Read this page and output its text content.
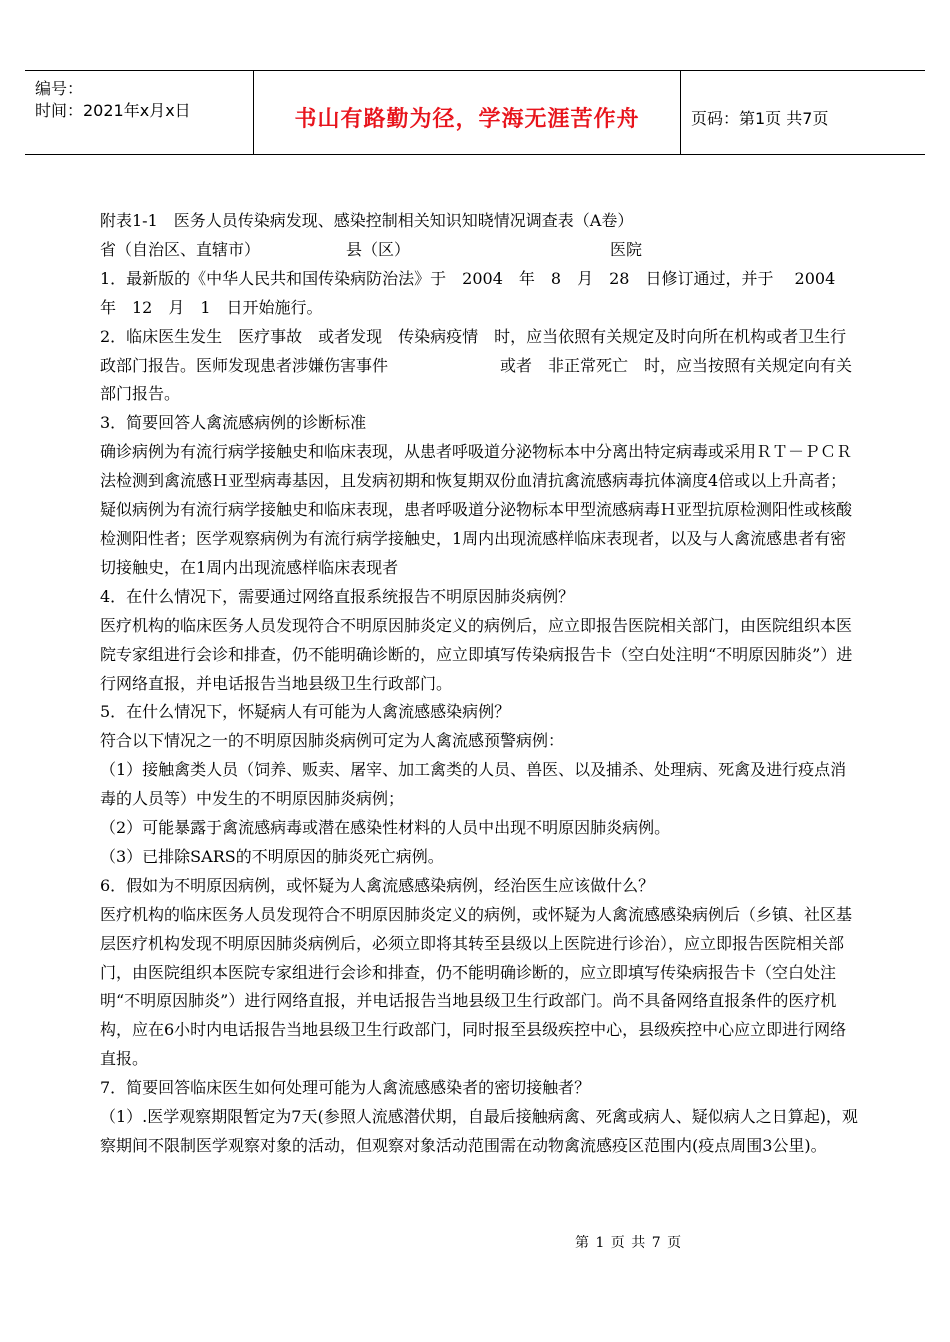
编号：
时间：2021年x月x日	书山有路勤为径，学海无涯苦作舟	页码：第1页 共7页

附表1-1　医务人员传染病发现、感染控制相关知识知晓情况调查表（A卷）

省（自治区、直辖市）	县（区）	医院

1．最新版的《中华人民共和国传染病防治法》于　2004　年　8　月　28　日修订通过，并于　 2004　年　12　月　1　日开始施行。

2．临床医生发生　医疗事故　或者发现　传染病疫情　时，应当依照有关规定及时向所在机构或者卫生行政部门报告。医师发现患者涉嫌伤害事件　　　　　　　或者　非正常死亡　时，应当按照有关规定向有关部门报告。

3．简要回答人禽流感病例的诊断标准

确诊病例为有流行病学接触史和临床表现，从患者呼吸道分泌物标本中分离出特定病毒或采用ＲＴ－ＰＣＲ法检测到禽流感Ｈ亚型病毒基因，且发病初期和恢复期双份血清抗禽流感病毒抗体滴度4倍或以上升高者；疑似病例为有流行病学接触史和临床表现，患者呼吸道分泌物标本甲型流感病毒Ｈ亚型抗原检测阳性或核酸检测阳性者；医学观察病例为有流行病学接触史，1周内出现流感样临床表现者，以及与人禽流感患者有密切接触史，在1周内出现流感样临床表现者

4．在什么情况下，需要通过网络直报系统报告不明原因肺炎病例？

医疗机构的临床医务人员发现符合不明原因肺炎定义的病例后，应立即报告医院相关部门，由医院组织本医院专家组进行会诊和排查，仍不能明确诊断的，应立即填写传染病报告卡（空白处注明“不明原因肺炎”）进行网络直报，并电话报告当地县级卫生行政部门。

5．在什么情况下，怀疑病人有可能为人禽流感感染病例？

符合以下情况之一的不明原因肺炎病例可定为人禽流感预警病例：

（1）接触禽类人员（饲养、贩卖、屠宰、加工禽类的人员、兽医、以及捕杀、处理病、死禽及进行疫点消毒的人员等）中发生的不明原因肺炎病例；

（2）可能暴露于禽流感病毒或潜在感染性材料的人员中出现不明原因肺炎病例。

（3）已排除SARS的不明原因的肺炎死亡病例。

6．假如为不明原因病例，或怀疑为人禽流感感染病例，经治医生应该做什么？

医疗机构的临床医务人员发现符合不明原因肺炎定义的病例，或怀疑为人禽流感感染病例后（乡镇、社区基层医疗机构发现不明原因肺炎病例后，必须立即将其转至县级以上医院进行诊治），应立即报告医院相关部门，由医院组织本医院专家组进行会诊和排查，仍不能明确诊断的，应立即填写传染病报告卡（空白处注明“不明原因肺炎”）进行网络直报，并电话报告当地县级卫生行政部门。尚不具备网络直报条件的医疗机构，应在6小时内电话报告当地县级卫生行政部门，同时报至县级疾控中心，县级疾控中心应立即进行网络直报。

7．简要回答临床医生如何处理可能为人禽流感感染者的密切接触者？

（1）.医学观察期限暂定为7天(参照人流感潜伏期，自最后接触病禽、死禽或病人、疑似病人之日算起)，观察期间不限制医学观察对象的活动，但观察对象活动范围需在动物禽流感疫区范围内(疫点周围3公里)。

第 1 页 共 7 页
